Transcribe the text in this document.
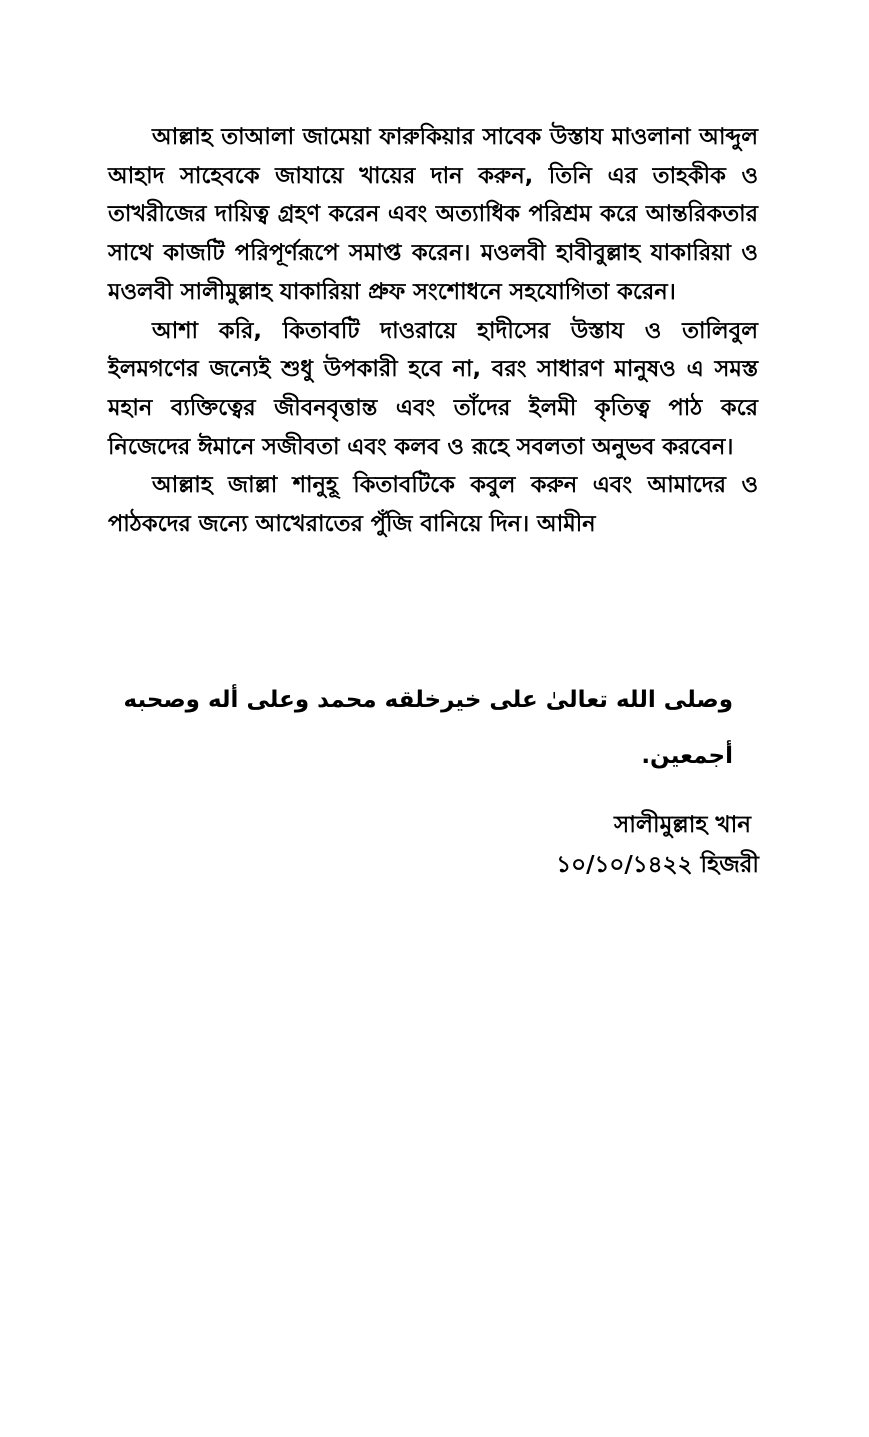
আল্লাহ তাআলা জামেয়া ফারুকিয়ার সাবেক উস্তায মাওলানা আব্দুল আহাদ সাহেবকে জাযায়ে খায়ের দান করুন, তিনি এর তাহকীক ও তাখরীজের দায়িত্ব গ্রহণ করেন এবং অত্যাধিক পরিশ্রম করে আন্তরিকতার সাথে কাজটি পরিপূর্ণরূপে সমাপ্ত করেন। মওলবী হাবীবুল্লাহ যাকারিয়া ও মওলবী সালীমুল্লাহ যাকারিয়া প্রুফ সংশোধনে সহযোগিতা করেন।

আশা করি, কিতাবটি দাওরায়ে হাদীসের উস্তায ও তালিবুল ইলমগণের জন্যেই শুধু উপকারী হবে না, বরং সাধারণ মানুষও এ সমস্ত মহান ব্যক্তিত্বের জীবনবৃত্তান্ত এবং তাঁদের ইলমী কৃতিত্ব পাঠ করে নিজেদের ঈমানে সজীবতা এবং কলব ও রূহে সবলতা অনুভব করবেন।

আল্লাহ জাল্লা শানুহূ কিতাবটিকে কবুল করুন এবং আমাদের ও পাঠকদের জন্যে আখেরাতের পুঁজি বানিয়ে দিন। আমীন

وصلى الله تعالىٰ على خيرخلقه محمد وعلى أله وصحبه أجمعين.
সালীমুল্লাহ খান
১০/১০/১৪২২ হিজরী
